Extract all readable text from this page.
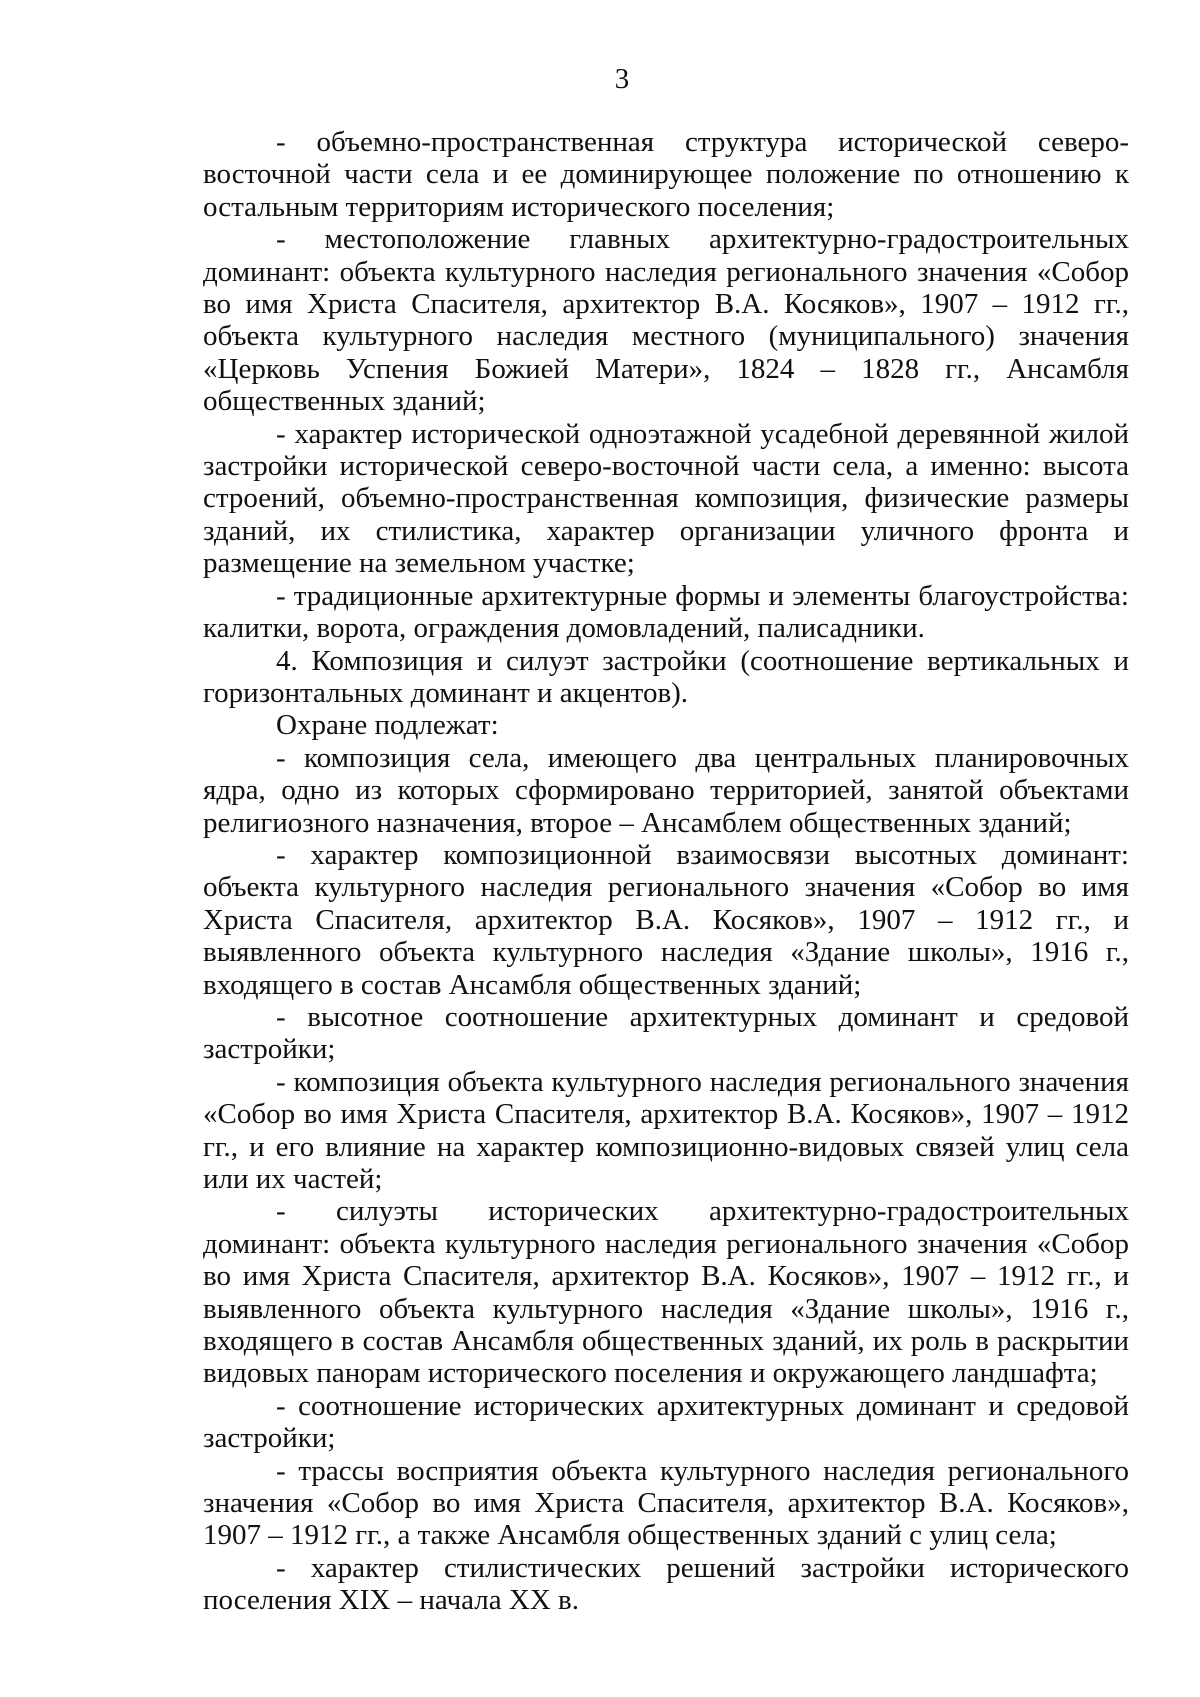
3

- объемно-пространственная структура исторической северо-восточной части села и ее доминирующее положение по отношению к остальным территориям исторического поселения;

- местоположение главных архитектурно-градостроительных доминант: объекта культурного наследия регионального значения «Собор во имя Христа Спасителя, архитектор В.А. Косяков», 1907 – 1912 гг., объекта культурного наследия местного (муниципального) значения «Церковь Успения Божией Матери», 1824 – 1828 гг., Ансамбля общественных зданий;

- характер исторической одноэтажной усадебной деревянной жилой застройки исторической северо-восточной части села, а именно: высота строений, объемно-пространственная композиция, физические размеры зданий, их стилистика, характер организации уличного фронта и размещение на земельном участке;

- традиционные архитектурные формы и элементы благоустройства: калитки, ворота, ограждения домовладений, палисадники.

4. Композиция и силуэт застройки (соотношение вертикальных и горизонтальных доминант и акцентов).

Охране подлежат:

- композиция села, имеющего два центральных планировочных ядра, одно из которых сформировано территорией, занятой объектами религиозного назначения, второе – Ансамблем общественных зданий;

- характер композиционной взаимосвязи высотных доминант: объекта культурного наследия регионального значения «Собор во имя Христа Спасителя, архитектор В.А. Косяков», 1907 – 1912 гг., и выявленного объекта культурного наследия «Здание школы», 1916 г., входящего в состав Ансамбля общественных зданий;

- высотное соотношение архитектурных доминант и средовой застройки;

- композиция объекта культурного наследия регионального значения «Собор во имя Христа Спасителя, архитектор В.А. Косяков», 1907 – 1912 гг., и его влияние на характер композиционно-видовых связей улиц села или их частей;

- силуэты исторических архитектурно-градостроительных доминант: объекта культурного наследия регионального значения «Собор во имя Христа Спасителя, архитектор В.А. Косяков», 1907 – 1912 гг., и выявленного объекта культурного наследия «Здание школы», 1916 г., входящего в состав Ансамбля общественных зданий, их роль в раскрытии видовых панорам исторического поселения и окружающего ландшафта;

- соотношение исторических архитектурных доминант и средовой застройки;

- трассы восприятия объекта культурного наследия регионального значения «Собор во имя Христа Спасителя, архитектор В.А. Косяков», 1907 – 1912 гг., а также Ансамбля общественных зданий с улиц села;

- характер стилистических решений застройки исторического поселения XIX – начала XX в.
